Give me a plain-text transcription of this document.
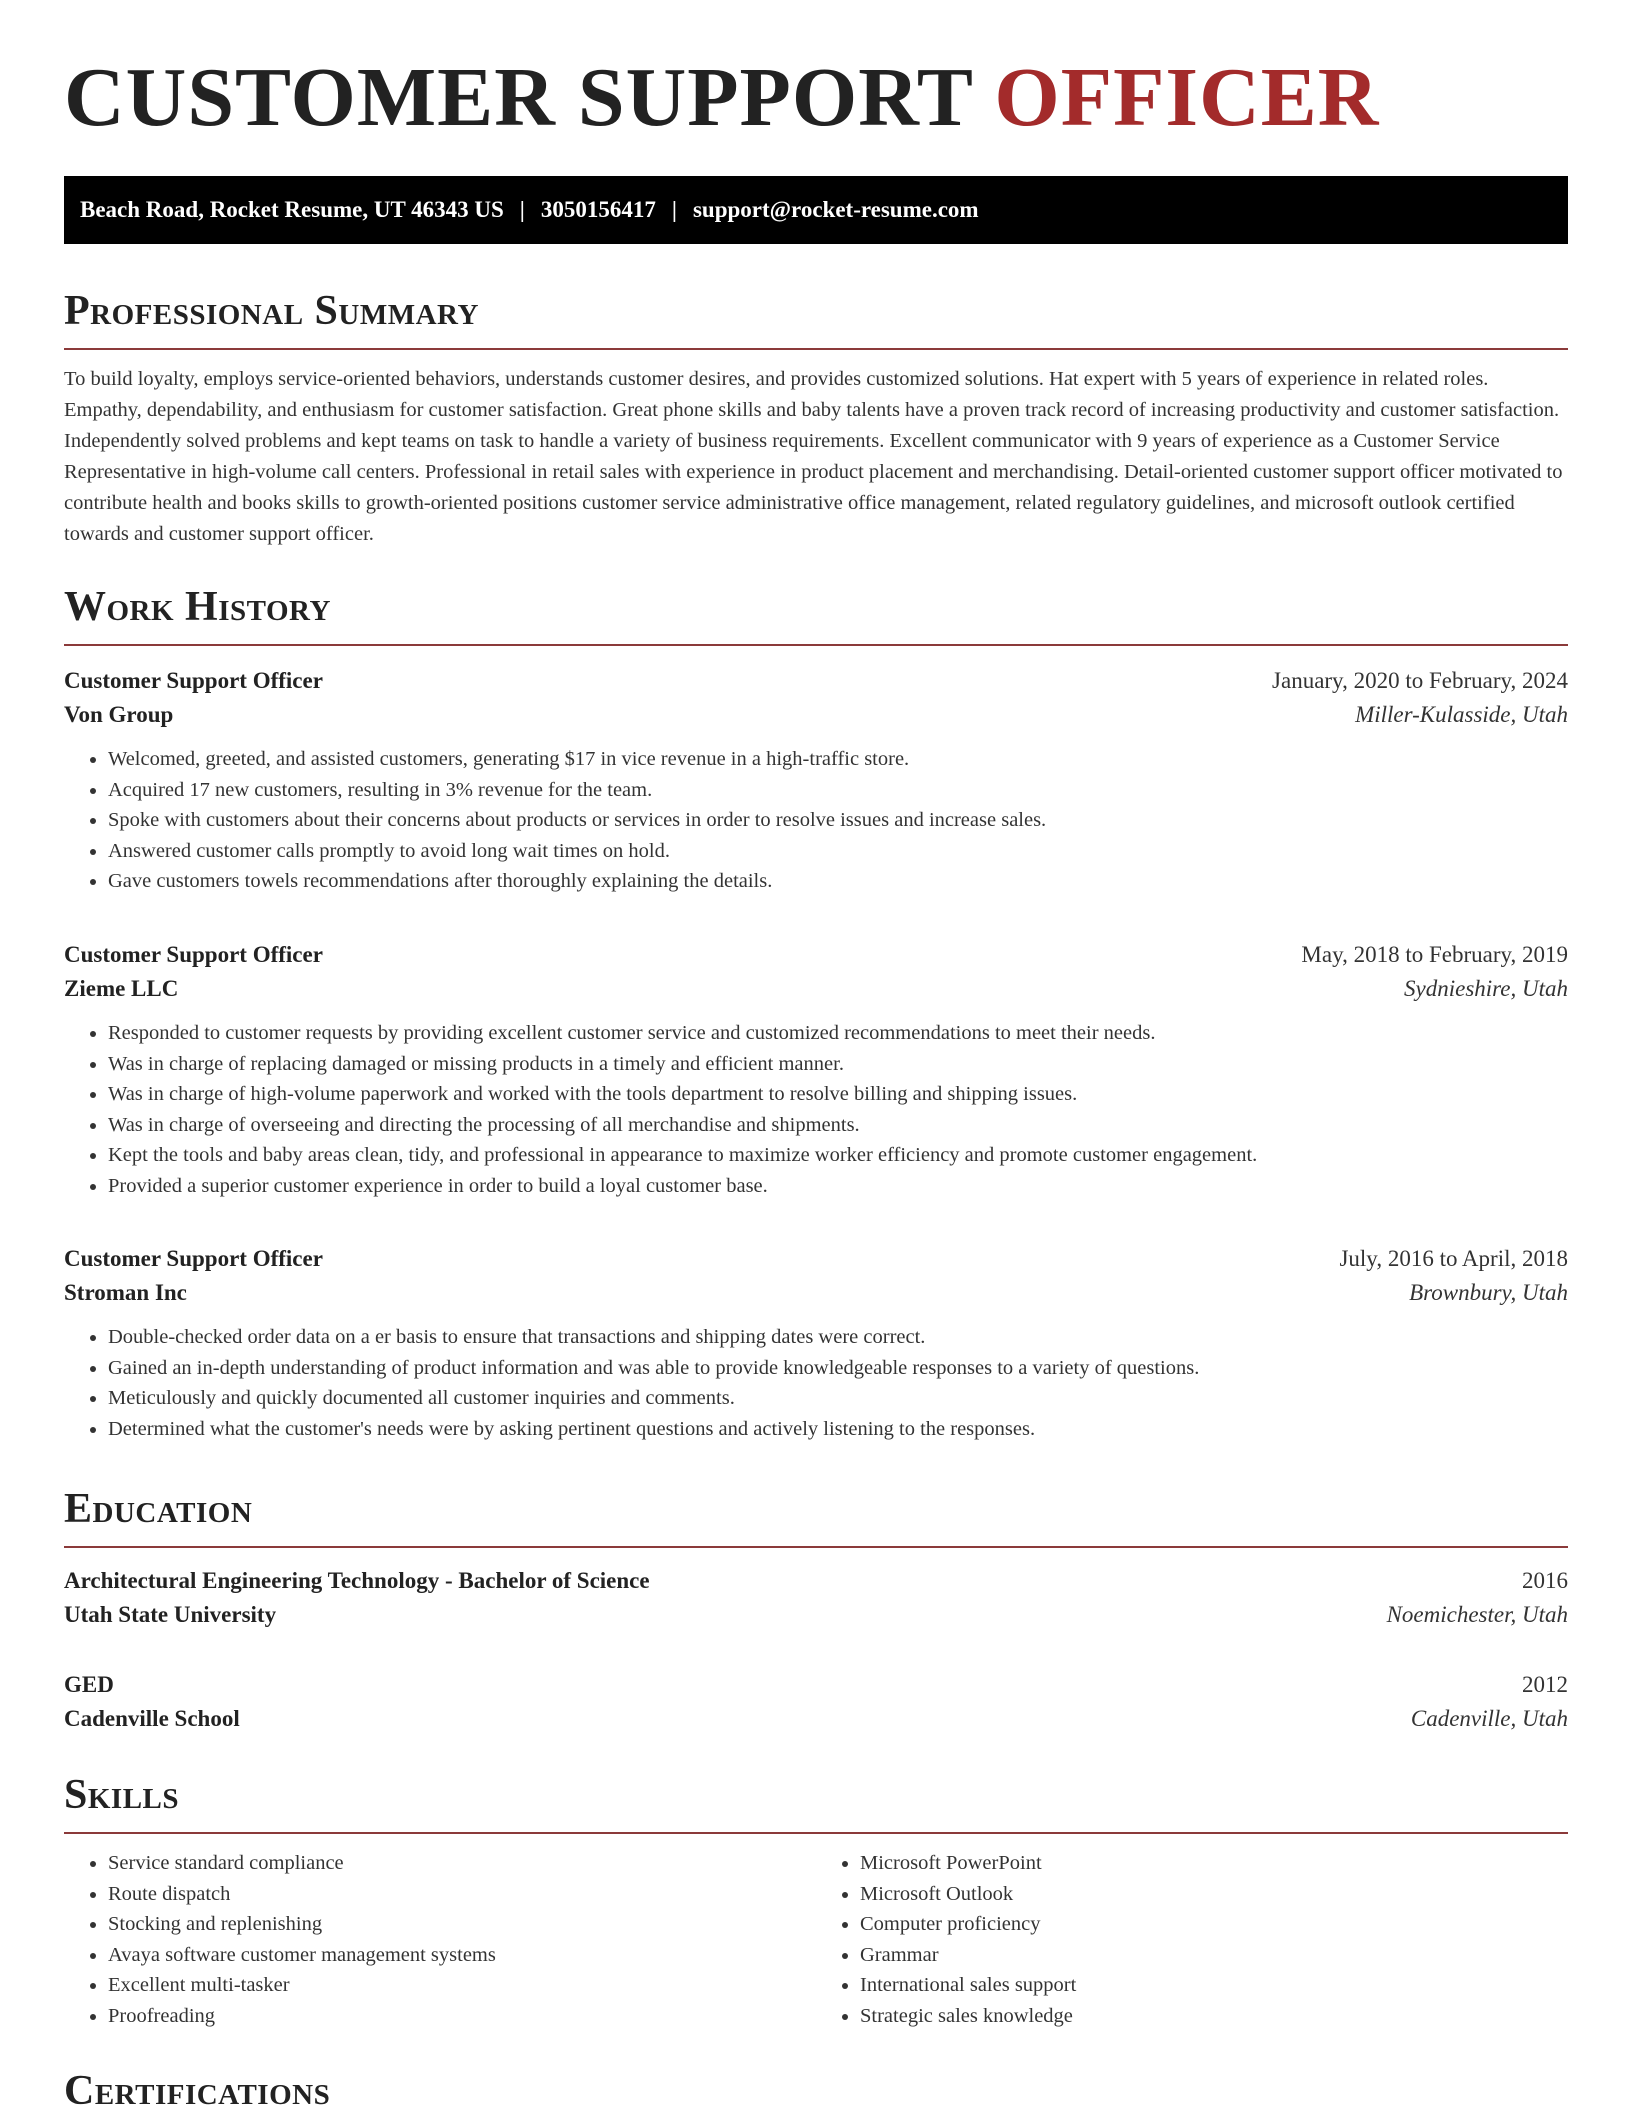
CUSTOMER SUPPORT OFFICER
Beach Road, Rocket Resume, UT 46343 US | 3050156417 | support@rocket-resume.com
Professional Summary

To build loyalty, employs service-oriented behaviors, understands customer desires, and provides customized solutions. Hat expert with 5 years of experience in related roles. Empathy, dependability, and enthusiasm for customer satisfaction. Great phone skills and baby talents have a proven track record of increasing productivity and customer satisfaction. Independently solved problems and kept teams on task to handle a variety of business requirements. Excellent communicator with 9 years of experience as a Customer Service Representative in high-volume call centers. Professional in retail sales with experience in product placement and merchandising. Detail-oriented customer support officer motivated to contribute health and books skills to growth-oriented positions customer service administrative office management, related regulatory guidelines, and microsoft outlook certified towards and customer support officer.

Work History
Customer Support Officer	January, 2020 to February, 2024
Von Group	Miller-Kulasside, Utah
• Welcomed, greeted, and assisted customers, generating $17 in vice revenue in a high-traffic store.
• Acquired 17 new customers, resulting in 3% revenue for the team.
• Spoke with customers about their concerns about products or services in order to resolve issues and increase sales.
• Answered customer calls promptly to avoid long wait times on hold.
• Gave customers towels recommendations after thoroughly explaining the details.
Customer Support Officer	May, 2018 to February, 2019
Zieme LLC	Sydnieshire, Utah
• Responded to customer requests by providing excellent customer service and customized recommendations to meet their needs.
• Was in charge of replacing damaged or missing products in a timely and efficient manner.
• Was in charge of high-volume paperwork and worked with the tools department to resolve billing and shipping issues.
• Was in charge of overseeing and directing the processing of all merchandise and shipments.
• Kept the tools and baby areas clean, tidy, and professional in appearance to maximize worker efficiency and promote customer engagement.
• Provided a superior customer experience in order to build a loyal customer base.
Customer Support Officer	July, 2016 to April, 2018
Stroman Inc	Brownbury, Utah
• Double-checked order data on a er basis to ensure that transactions and shipping dates were correct.
• Gained an in-depth understanding of product information and was able to provide knowledgeable responses to a variety of questions.
• Meticulously and quickly documented all customer inquiries and comments.
• Determined what the customer's needs were by asking pertinent questions and actively listening to the responses.
Education
Architectural Engineering Technology - Bachelor of Science	2016
Utah State University	Noemichester, Utah
GED	2012
Cadenville School	Cadenville, Utah
Skills
• Service standard compliance
• Route dispatch
• Stocking and replenishing
• Avaya software customer management systems
• Excellent multi-tasker
• Proofreading
• Microsoft PowerPoint
• Microsoft Outlook
• Computer proficiency
• Grammar
• International sales support
• Strategic sales knowledge
Certifications
